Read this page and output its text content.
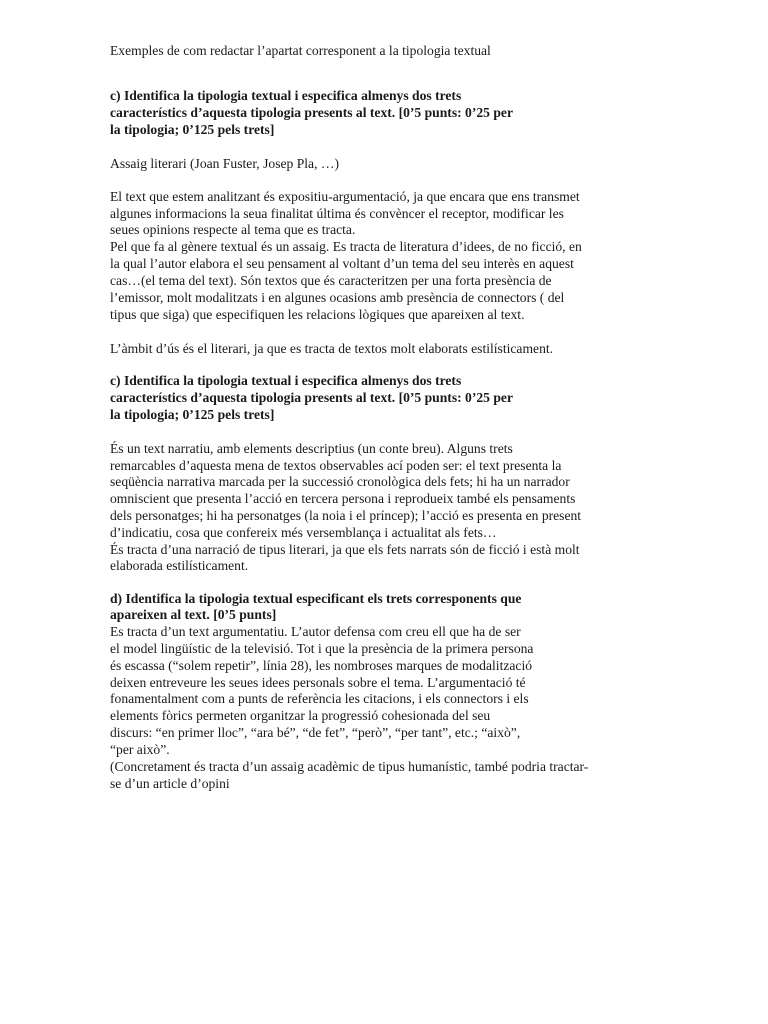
Exemples de com redactar l’apartat corresponent a la tipologia textual
c) Identifica la tipologia textual i especifica almenys dos trets
característics d’aquesta tipologia presents al text. [0’5 punts: 0’25 per
la tipologia; 0’125 pels trets]
Assaig literari (Joan Fuster, Josep Pla, …)
El text que estem analitzant és expositiu-argumentació, ja que encara que ens transmet
algunes informacions la seua finalitat última és convèncer el receptor, modificar les
seues opinions respecte al tema que es tracta.
Pel que fa al gènere textual és un assaig. Es tracta de literatura d’idees, de no ficció, en
la qual l’autor elabora el seu pensament al voltant d’un tema del seu interès en aquest
cas…(el tema del text). Són textos que és caracteritzen per una forta presència de
l’emissor, molt modalitzats i en algunes ocasions amb presència de connectors ( del
tipus que siga) que especifiquen les relacions lògiques que apareixen al text.
L’àmbit d’ús és el literari, ja que es tracta de textos molt elaborats estilísticament.
c) Identifica la tipologia textual i especifica almenys dos trets
característics d’aquesta tipologia presents al text. [0’5 punts: 0’25 per
la tipologia; 0’125 pels trets]
És un text narratiu, amb elements descriptius (un conte breu). Alguns trets
remarcables d’aquesta mena de textos observables ací poden ser: el text presenta la
seqüència narrativa marcada per la successió cronològica dels fets; hi ha un narrador
omniscient que presenta l’acció en tercera persona i reprodueix també els pensaments
dels personatges; hi ha personatges (la noia i el príncep); l’acció es presenta en present
d’indicatiu, cosa que confereix més versemblança i actualitat als fets…
És tracta d’una narració de tipus literari, ja que els fets narrats són de ficció i està molt
elaborada estilísticament.
d) Identifica la tipologia textual especificant els trets corresponents que
apareixen al text. [0’5 punts]
Es tracta d’un text argumentatiu. L’autor defensa com creu ell que ha de ser
el model lingüístic de la televisió. Tot i que la presència de la primera persona
és escassa (“solem repetir”, línia 28), les nombroses marques de modalització
deixen entreveure les seues idees personals sobre el tema. L’argumentació té
fonamentalment com a punts de referència les citacions, i els connectors i els
elements fòrics permeten organitzar la progressió cohesionada del seu
discurs: “en primer lloc”, “ara bé”, “de fet”, “però”, “per tant”, etc.; “això”,
“per això”.
(Concretament és tracta d’un assaig acadèmic de tipus humanístic, també podria tractar-
se d’un article d’opini
